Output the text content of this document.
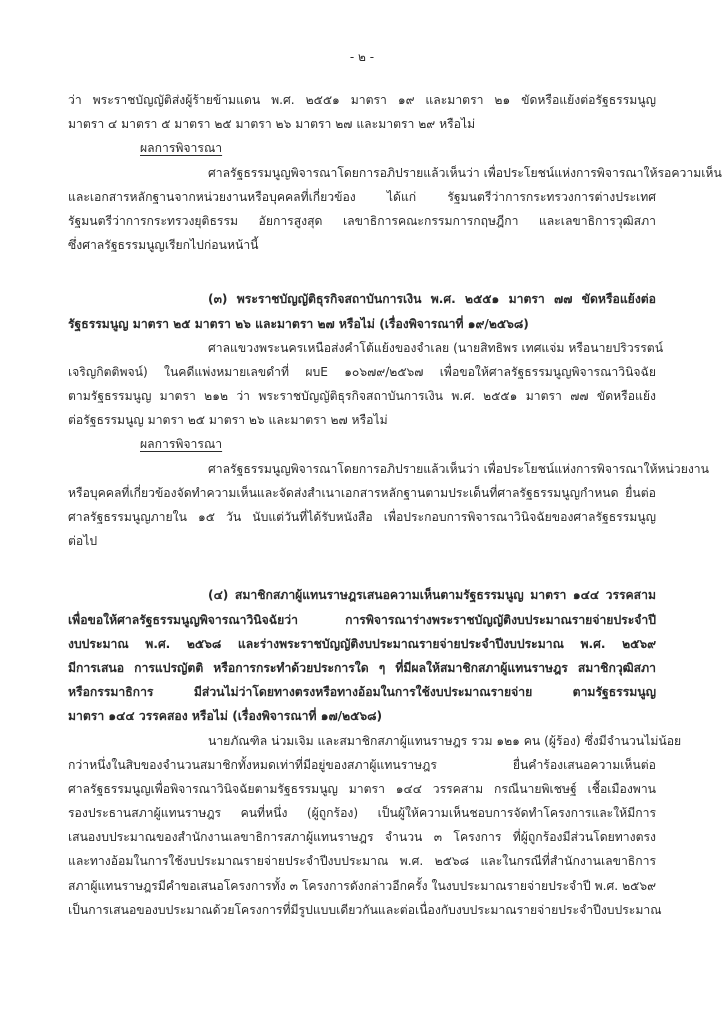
- ๒ -
ว่า พระราชบัญญัติส่งผู้ร้ายข้ามแดน พ.ศ. ๒๕๕๑ มาตรา ๑๙ และมาตรา ๒๑ ขัดหรือแย้งต่อรัฐธรรมนูญ
มาตรา ๔ มาตรา ๕ มาตรา ๒๕ มาตรา ๒๖ มาตรา ๒๗ และมาตรา ๒๙ หรือไม่
ผลการพิจารณา
ศาลรัฐธรรมนูญพิจารณาโดยการอภิปรายแล้วเห็นว่า เพื่อประโยชน์แห่งการพิจารณาให้รอความเห็น
และเอกสารหลักฐานจากหน่วยงานหรือบุคคลที่เกี่ยวข้อง ได้แก่ รัฐมนตรีว่าการกระทรวงการต่างประเทศ
รัฐมนตรีว่าการกระทรวงยุติธรรม อัยการสูงสุด เลขาธิการคณะกรรมการกฤษฎีกา และเลขาธิการวุฒิสภา
ซึ่งศาลรัฐธรรมนูญเรียกไปก่อนหน้านี้
(๓) พระราชบัญญัติธุรกิจสถาบันการเงิน พ.ศ. ๒๕๕๑ มาตรา ๗๗ ขัดหรือแย้งต่อ
รัฐธรรมนูญ มาตรา ๒๕ มาตรา ๒๖ และมาตรา ๒๗ หรือไม่ (เรื่องพิจารณาที่ ๑๙/๒๕๖๘)
ศาลแขวงพระนครเหนือส่งคำโต้แย้งของจำเลย (นายสิทธิพร เทศแจ่ม หรือนายปริวรรตน์
เจริญกิตติพจน์) ในคดีแพ่งหมายเลขดำที่ ผบE ๑๐๖๗๙/๒๕๖๗ เพื่อขอให้ศาลรัฐธรรมนูญพิจารณาวินิจฉัย
ตามรัฐธรรมนูญ มาตรา ๒๑๒ ว่า พระราชบัญญัติธุรกิจสถาบันการเงิน พ.ศ. ๒๕๕๑ มาตรา ๗๗ ขัดหรือแย้ง
ต่อรัฐธรรมนูญ มาตรา ๒๕ มาตรา ๒๖ และมาตรา ๒๗ หรือไม่
ผลการพิจารณา
ศาลรัฐธรรมนูญพิจารณาโดยการอภิปรายแล้วเห็นว่า เพื่อประโยชน์แห่งการพิจารณาให้หน่วยงาน
หรือบุคคลที่เกี่ยวข้องจัดทำความเห็นและจัดส่งสำเนาเอกสารหลักฐานตามประเด็นที่ศาลรัฐธรรมนูญกำหนด ยื่นต่อ
ศาลรัฐธรรมนูญภายใน ๑๕ วัน นับแต่วันที่ได้รับหนังสือ เพื่อประกอบการพิจารณาวินิจฉัยของศาลรัฐธรรมนูญ
ต่อไป
(๔) สมาชิกสภาผู้แทนราษฎรเสนอความเห็นตามรัฐธรรมนูญ มาตรา ๑๔๔ วรรคสาม
เพื่อขอให้ศาลรัฐธรรมนูญพิจารณาวินิจฉัยว่า การพิจารณาร่างพระราชบัญญัติงบประมาณรายจ่ายประจำปี
งบประมาณ พ.ศ. ๒๕๖๘ และร่างพระราชบัญญัติงบประมาณรายจ่ายประจำปีงบประมาณ พ.ศ. ๒๕๖๙
มีการเสนอ การแปรญัตติ หรือการกระทำด้วยประการใด ๆ ที่มีผลให้สมาชิกสภาผู้แทนราษฎร สมาชิกวุฒิสภา
หรือกรรมาธิการ มีส่วนไม่ว่าโดยทางตรงหรือทางอ้อมในการใช้งบประมาณรายจ่าย ตามรัฐธรรมนูญ
มาตรา ๑๔๔ วรรคสอง หรือไม่ (เรื่องพิจารณาที่ ๑๗/๒๕๖๘)
นายภัณฑิล น่วมเจิม และสมาชิกสภาผู้แทนราษฎร รวม ๑๒๑ คน (ผู้ร้อง) ซึ่งมีจำนวนไม่น้อย
กว่าหนึ่งในสิบของจำนวนสมาชิกทั้งหมดเท่าที่มีอยู่ของสภาผู้แทนราษฎร ยื่นคำร้องเสนอความเห็นต่อ
ศาลรัฐธรรมนูญเพื่อพิจารณาวินิจฉัยตามรัฐธรรมนูญ มาตรา ๑๔๔ วรรคสาม กรณีนายพิเชษฐ์ เชื้อเมืองพาน
รองประธานสภาผู้แทนราษฎร คนที่หนึ่ง (ผู้ถูกร้อง) เป็นผู้ให้ความเห็นชอบการจัดทำโครงการและให้มีการ
เสนองบประมาณของสำนักงานเลขาธิการสภาผู้แทนราษฎร จำนวน ๓ โครงการ ที่ผู้ถูกร้องมีส่วนโดยทางตรง
และทางอ้อมในการใช้งบประมาณรายจ่ายประจำปีงบประมาณ พ.ศ. ๒๕๖๘ และในกรณีที่สำนักงานเลขาธิการ
สภาผู้แทนราษฎรมีคำขอเสนอโครงการทั้ง ๓ โครงการดังกล่าวอีกครั้ง ในงบประมาณรายจ่ายประจำปี พ.ศ. ๒๕๖๙
เป็นการเสนอของบประมาณด้วยโครงการที่มีรูปแบบเดียวกันและต่อเนื่องกับงบประมาณรายจ่ายประจำปีงบประมาณ
